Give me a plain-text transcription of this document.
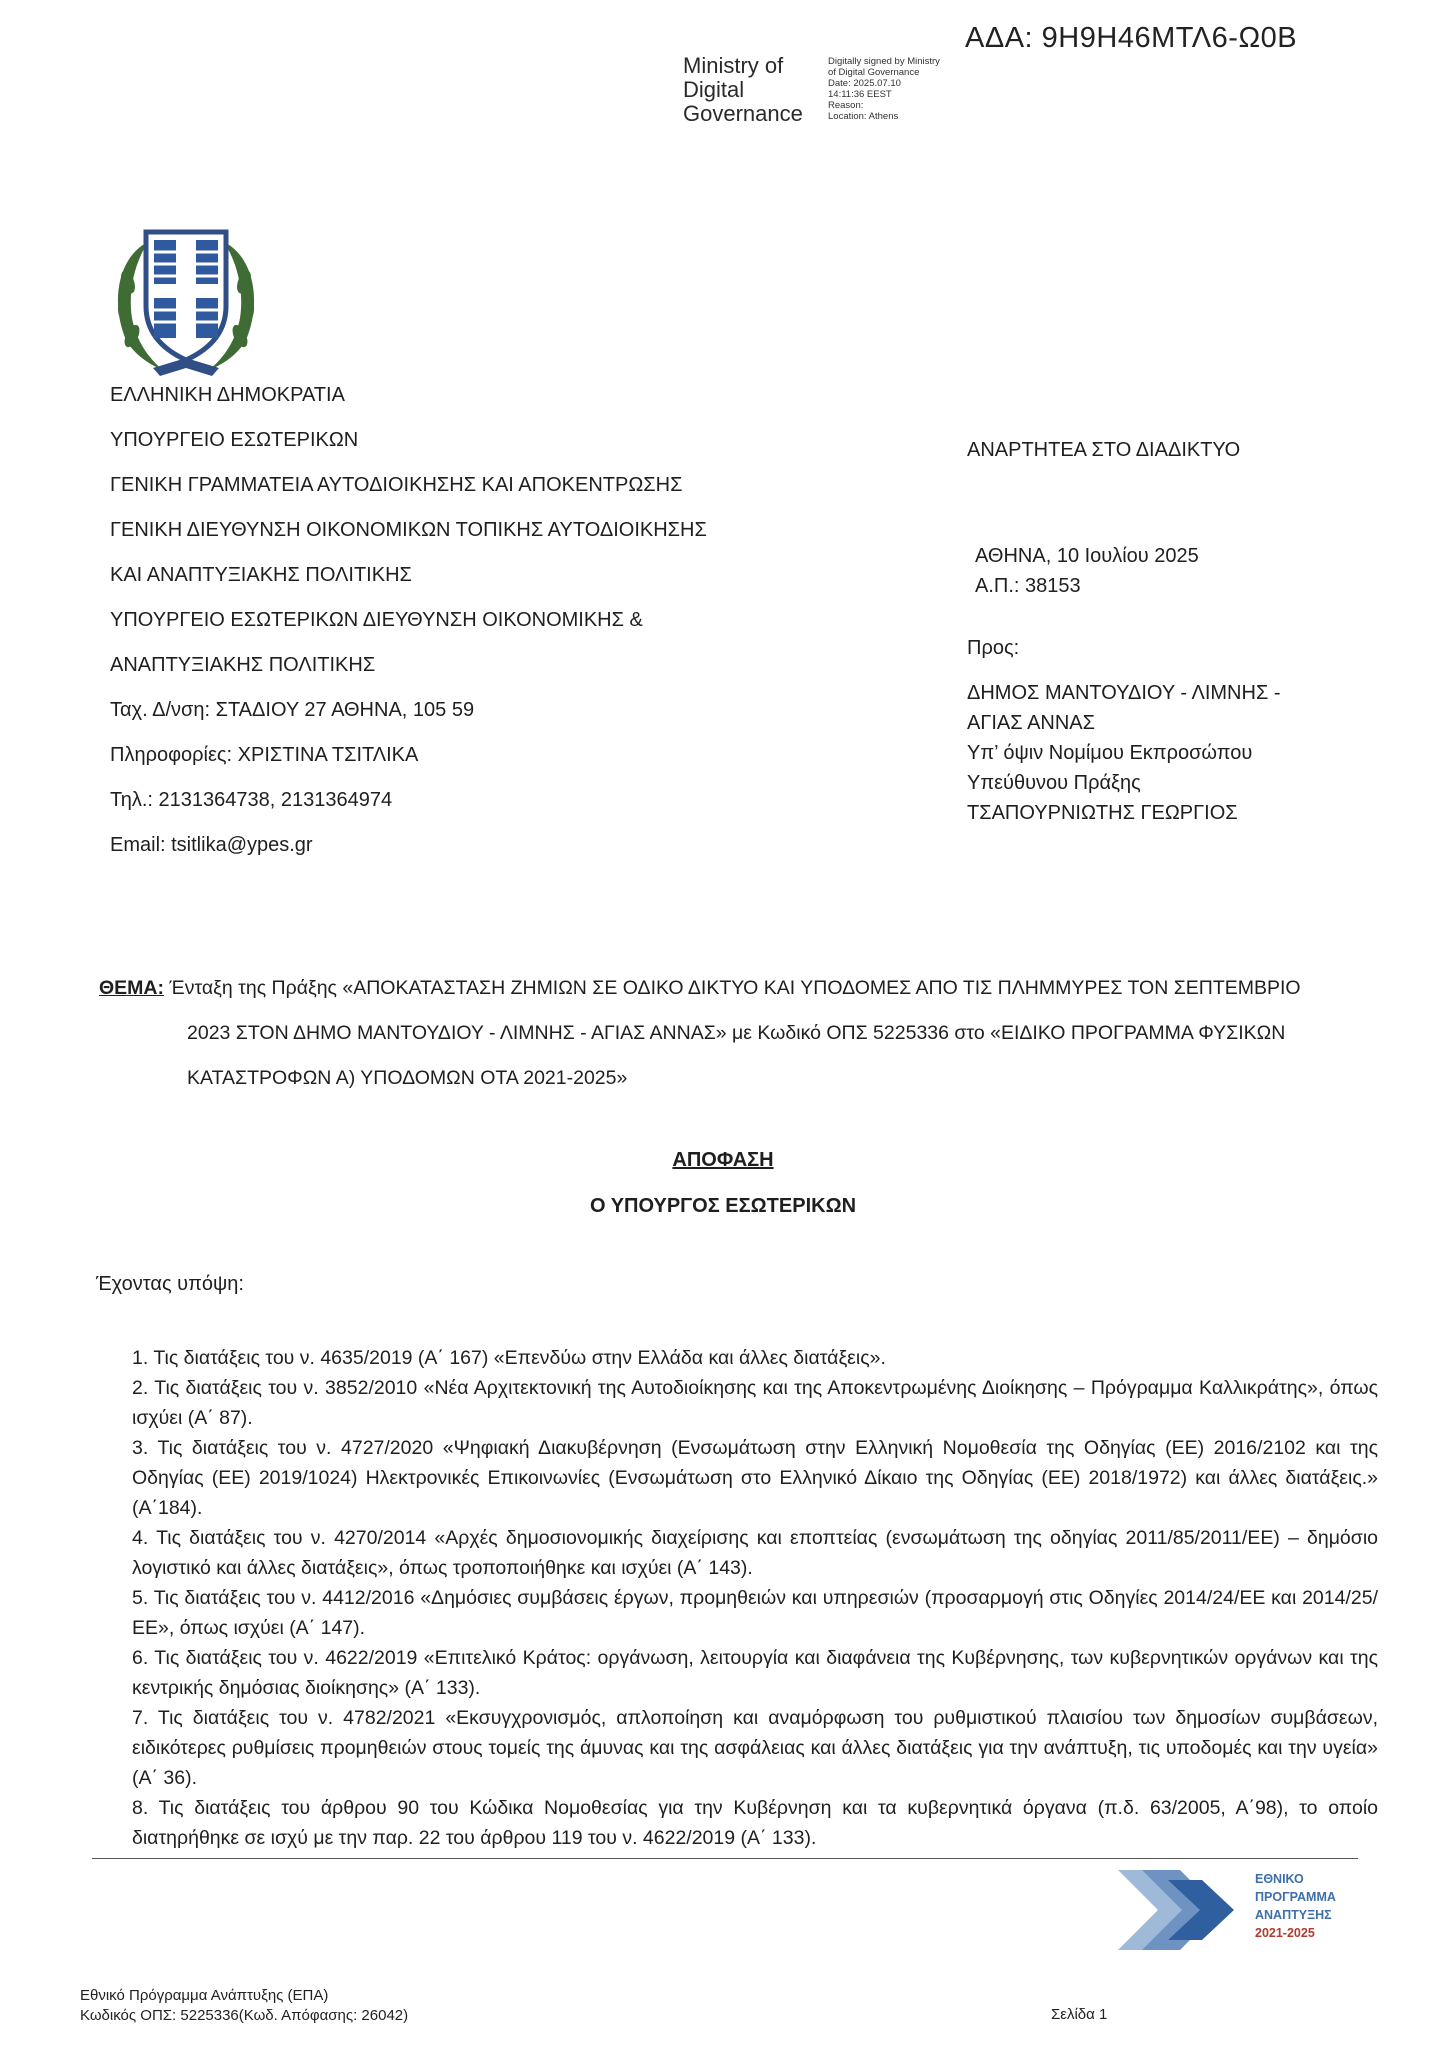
ΑΔΑ: 9Η9Η46ΜΤΛ6-Ω0Β
Ministry of
Digital
Governance
Digitally signed by Ministry
of Digital Governance
Date: 2025.07.10
14:11:36 EEST
Reason:
Location: Athens
ΕΛΛΗΝΙΚΗ ΔΗΜΟΚΡΑΤΙΑ
ΥΠΟΥΡΓΕΙΟ ΕΣΩΤΕΡΙΚΩΝ
ΓΕΝΙΚΗ ΓΡΑΜΜΑΤΕΙΑ ΑΥΤΟΔΙΟΙΚΗΣΗΣ ΚΑΙ ΑΠΟΚΕΝΤΡΩΣΗΣ
ΓΕΝΙΚΗ ΔΙΕΥΘΥΝΣΗ ΟΙΚΟΝΟΜΙΚΩΝ ΤΟΠΙΚΗΣ ΑΥΤΟΔΙΟΙΚΗΣΗΣ
ΚΑΙ ΑΝΑΠΤΥΞΙΑΚΗΣ ΠΟΛΙΤΙΚΗΣ
ΥΠΟΥΡΓΕΙΟ ΕΣΩΤΕΡΙΚΩΝ ΔΙΕΥΘΥΝΣΗ ΟΙΚΟΝΟΜΙΚΗΣ &
ΑΝΑΠΤΥΞΙΑΚΗΣ ΠΟΛΙΤΙΚΗΣ
Ταχ. Δ/νση: ΣΤΑΔΙΟΥ 27 ΑΘΗΝΑ, 105 59
Πληροφορίες: ΧΡΙΣΤΙΝΑ ΤΣΙΤΛΙΚΑ
Τηλ.: 2131364738, 2131364974
Email: tsitlika@ypes.gr
ΑΝΑΡΤΗΤΕΑ ΣΤΟ ΔΙΑΔΙΚΤΥΟ
ΑΘΗΝΑ, 10 Ιουλίου 2025
Α.Π.: 38153
Προς:
ΔΗΜΟΣ ΜΑΝΤΟΥΔΙΟΥ - ΛΙΜΝΗΣ -
ΑΓΙΑΣ ΑΝΝΑΣ
Υπ’ όψιν Νομίμου Εκπροσώπου
Υπεύθυνου Πράξης
ΤΣΑΠΟΥΡΝΙΩΤΗΣ ΓΕΩΡΓΙΟΣ
ΘΕΜΑ: Ένταξη της Πράξης «ΑΠΟΚΑΤΑΣΤΑΣΗ ΖΗΜΙΩΝ ΣΕ ΟΔΙΚΟ ΔΙΚΤΥΟ ΚΑΙ ΥΠΟΔΟΜΕΣ ΑΠΟ ΤΙΣ ΠΛΗΜΜΥΡΕΣ ΤΟΝ ΣΕΠΤΕΜΒΡΙΟ
2023 ΣΤΟΝ ΔΗΜΟ ΜΑΝΤΟΥΔΙΟΥ - ΛΙΜΝΗΣ - ΑΓΙΑΣ ΑΝΝΑΣ» με Κωδικό ΟΠΣ 5225336 στο «ΕΙΔΙΚΟ ΠΡΟΓΡΑΜΜΑ ΦΥΣΙΚΩΝ
ΚΑΤΑΣΤΡΟΦΩΝ Α) ΥΠΟΔΟΜΩΝ ΟΤΑ 2021-2025»
ΑΠΟΦΑΣΗ
Ο ΥΠΟΥΡΓΟΣ ΕΣΩΤΕΡΙΚΩΝ
Έχοντας υπόψη:

1. Τις διατάξεις του ν. 4635/2019 (Α΄ 167) «Επενδύω στην Ελλάδα και άλλες διατάξεις».

2. Τις διατάξεις του ν. 3852/2010 «Νέα Αρχιτεκτονική της Αυτοδιοίκησης και της Αποκεντρωμένης Διοίκησης – Πρόγραμμα Καλλικράτης», όπως ισχύει (Α΄ 87).

3. Τις διατάξεις του ν. 4727/2020 «Ψηφιακή Διακυβέρνηση (Ενσωμάτωση στην Ελληνική Νομοθεσία της Οδηγίας (ΕΕ) 2016/2102 και της Οδηγίας (ΕΕ) 2019/1024) Ηλεκτρονικές Επικοινωνίες (Ενσωμάτωση στο Ελληνικό Δίκαιο της Οδηγίας (ΕΕ) 2018/1972) και άλλες διατάξεις.» (Α΄184).

4. Τις διατάξεις του ν. 4270/2014 «Αρχές δημοσιονομικής διαχείρισης και εποπτείας (ενσωμάτωση της οδηγίας 2011/85/2011/ΕΕ) – δημόσιο λογιστικό και άλλες διατάξεις», όπως τροποποιήθηκε και ισχύει (Α΄ 143).

5. Τις διατάξεις του ν. 4412/2016 «Δημόσιες συμβάσεις έργων, προμηθειών και υπηρεσιών (προσαρμογή στις Οδηγίες 2014/24/ΕΕ και 2014/25/ΕΕ», όπως ισχύει (Α΄ 147).

6. Τις διατάξεις του ν. 4622/2019 «Επιτελικό Κράτος: οργάνωση, λειτουργία και διαφάνεια της Κυβέρνησης, των κυβερνητικών οργάνων και της κεντρικής δημόσιας διοίκησης» (Α΄ 133).

7. Τις διατάξεις του ν. 4782/2021 «Εκσυγχρονισμός, απλοποίηση και αναμόρφωση του ρυθμιστικού πλαισίου των δημοσίων συμβάσεων, ειδικότερες ρυθμίσεις προμηθειών στους τομείς της άμυνας και της ασφάλειας και άλλες διατάξεις για την ανάπτυξη, τις υποδομές και την υγεία» (Α΄ 36).

8. Τις διατάξεις του άρθρου 90 του Κώδικα Νομοθεσίας για την Κυβέρνηση και τα κυβερνητικά όργανα (π.δ. 63/2005, Α΄98), το οποίο διατηρήθηκε σε ισχύ με την παρ. 22 του άρθρου 119 του ν. 4622/2019 (Α΄ 133).

ΕΘΝΙΚΟ
ΠΡΟΓΡΑΜΜΑ
ΑΝΑΠΤΥΞΗΣ
2021-2025
Εθνικό Πρόγραμμα Ανάπτυξης (ΕΠΑ)
Κωδικός ΟΠΣ: 5225336(Κωδ. Απόφασης: 26042)	Σελίδα 1
